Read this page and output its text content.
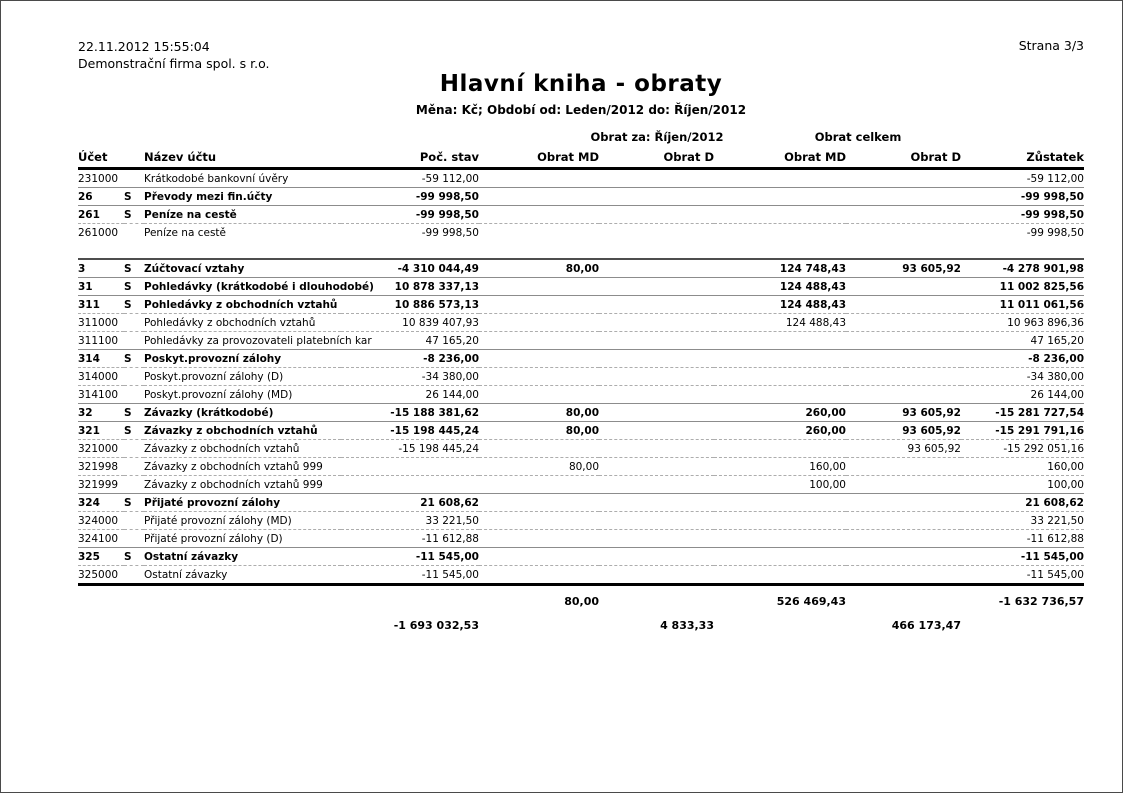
22.11.2012 15:55:04
Demonstrační firma spol. s r.o.
Strana 3/3
Hlavní kniha - obraty
Měna: Kč; Období od: Leden/2012 do: Říjen/2012
Obrat za: Říjen/2012	Obrat celkem
Účet		Název účtu	Poč. stav	Obrat MD	Obrat D	Obrat MD	Obrat D	Zůstatek
231000		Krátkodobé bankovní úvěry	-59 112,00					-59 112,00
26	S	Převody mezi fin.účty	-99 998,50					-99 998,50
261	S	Peníze na cestě	-99 998,50					-99 998,50
261000		Peníze na cestě	-99 998,50					-99 998,50

3	S	Zúčtovací vztahy	-4 310 044,49	80,00		124 748,43	93 605,92	-4 278 901,98
31	S	Pohledávky (krátkodobé i dlouhodobé)	10 878 337,13			124 488,43		11 002 825,56
311	S	Pohledávky z obchodních vztahů	10 886 573,13			124 488,43		11 011 061,56
311000		Pohledávky z obchodních vztahů	10 839 407,93			124 488,43		10 963 896,36
311100		Pohledávky za provozovateli platebních kar	47 165,20					47 165,20
314	S	Poskyt.provozní zálohy	-8 236,00					-8 236,00
314000		Poskyt.provozní zálohy (D)	-34 380,00					-34 380,00
314100		Poskyt.provozní zálohy (MD)	26 144,00					26 144,00
32	S	Závazky (krátkodobé)	-15 188 381,62	80,00		260,00	93 605,92	-15 281 727,54
321	S	Závazky z obchodních vztahů	-15 198 445,24	80,00		260,00	93 605,92	-15 291 791,16
321000		Závazky z obchodních vztahů	-15 198 445,24				93 605,92	-15 292 051,16
321998		Závazky z obchodních vztahů 999		80,00		160,00		160,00
321999		Závazky z obchodních vztahů 999				100,00		100,00
324	S	Přijaté provozní zálohy	21 608,62					21 608,62
324000		Přijaté provozní zálohy (MD)	33 221,50					33 221,50
324100		Přijaté provozní zálohy (D)	-11 612,88					-11 612,88
325	S	Ostatní závazky	-11 545,00					-11 545,00
325000		Ostatní závazky	-11 545,00					-11 545,00
				80,00		526 469,43		-1 632 736,57
			-1 693 032,53		4 833,33		466 173,47	
